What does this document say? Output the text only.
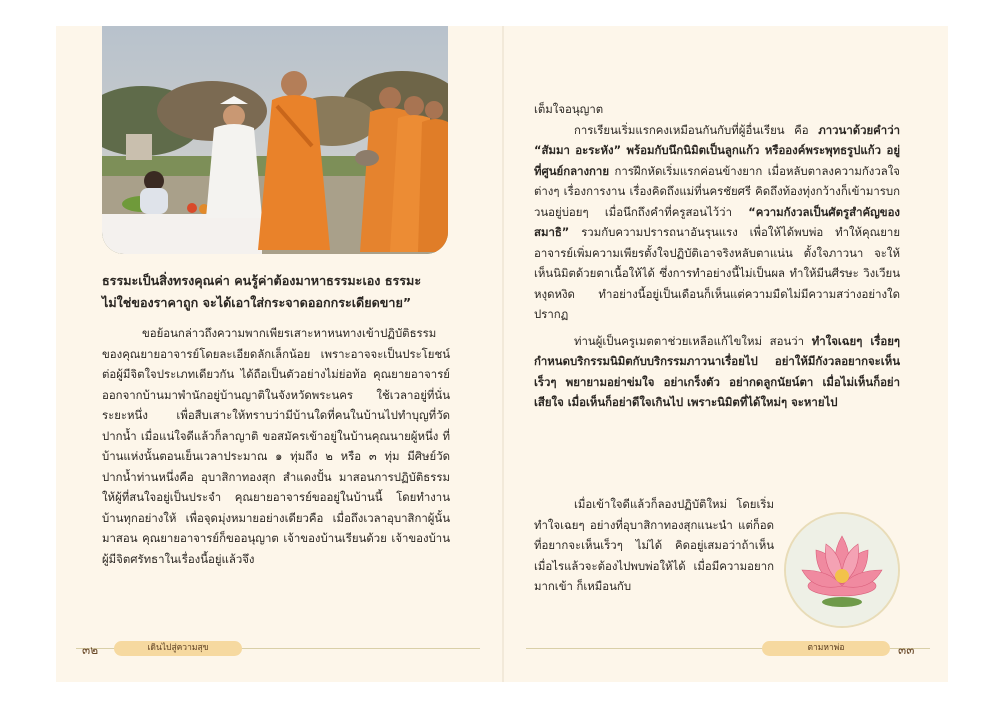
ธรรมะเป็นสิ่งทรงคุณค่า คนรู้ค่าต้องมาหาธรรมะเอง ธรรมะไม่ใช่ของราคาถูก จะได้เอาใส่กระจาดออกกระเดียดขาย”

ขอย้อนกล่าวถึงความพากเพียรเสาะหาหนทางเข้าปฏิบัติธรรมของคุณยายอาจารย์โดยละเอียดลักเล็กน้อย เพราะอาจจะเป็นประโยชน์ต่อผู้มีจิตใจประเภทเดียวกัน ได้ถือเป็นตัวอย่างไม่ย่อท้อ คุณยายอาจารย์ออกจากบ้านมาพำนักอยู่บ้านญาติในจังหวัดพระนคร ใช้เวลาอยู่ที่นั่นระยะหนึ่ง เพื่อสืบเสาะให้ทราบว่ามีบ้านใดที่คนในบ้านไปทำบุญที่วัดปากน้ำ เมื่อแน่ใจดีแล้วก็ลาญาติ ขอสมัครเข้าอยู่ในบ้านคุณนายผู้หนึ่ง ที่บ้านแห่งนั้นตอนเย็นเวลาประมาณ ๑ ทุ่มถึง ๒ หรือ ๓ ทุ่ม มีศิษย์วัดปากน้ำท่านหนึ่งคือ อุบาสิกาทองสุก สำแดงปั้น มาสอนการปฏิบัติธรรมให้ผู้ที่สนใจอยู่เป็นประจำ คุณยายอาจารย์ขออยู่ในบ้านนี้ โดยทำงานบ้านทุกอย่างให้ เพื่อจุดมุ่งหมายอย่างเดียวคือ เมื่อถึงเวลาอุบาสิกาผู้นั้นมาสอน คุณยายอาจารย์ก็ขออนุญาต เจ้าของบ้านเรียนด้วย เจ้าของบ้านผู้มีจิตศรัทธาในเรื่องนี้อยู่แล้วจึง

เต็มใจอนุญาต

การเรียนเริ่มแรกคงเหมือนกันกับที่ผู้อื่นเรียน คือ ภาวนาด้วยคำว่า “สัมมา อะระหัง” พร้อมกับนึกนิมิตเป็นลูกแก้ว หรือองค์พระพุทธรูปแก้ว อยู่ที่ศูนย์กลางกาย การฝึกหัดเริ่มแรกค่อนข้างยาก เมื่อหลับตาลงความกังวลใจต่างๆ เรื่องการงาน เรื่องคิดถึงแม่ที่นครชัยศรี คิดถึงท้องทุ่งกว้างก็เข้ามารบกวนอยู่บ่อยๆ เมื่อนึกถึงคำที่ครูสอนไว้ว่า “ความกังวลเป็นศัตรูสำคัญของสมาธิ” รวมกับความปรารถนาอันรุนแรง เพื่อให้ได้พบพ่อ ทำให้คุณยายอาจารย์เพิ่มความเพียรตั้งใจปฏิบัติเอาจริงหลับตาแน่น ตั้งใจภาวนา จะให้เห็นนิมิตด้วยตาเนื้อให้ได้ ซึ่งการทำอย่างนี้ไม่เป็นผล ทำให้มีนศีรษะ วิงเวียน หงุดหงิด ทำอย่างนี้อยู่เป็นเดือนก็เห็นแต่ความมืดไม่มีความสว่างอย่างใดปรากฏ

ท่านผู้เป็นครูเมตตาช่วยเหลือแก้ไขใหม่ สอนว่า ทำใจเฉยๆ เรื่อยๆ กำหนดบริกรรมนิมิตกับบริกรรมภาวนาเรื่อยไป อย่าให้มีกังวลอยากจะเห็นเร็วๆ พยายามอย่าข่มใจ อย่าเกร็งตัว อย่ากดลูกนัยน์ตา เมื่อไม่เห็นก็อย่าเสียใจ เมื่อเห็นก็อย่าดีใจเกินไป เพราะนิมิตที่ได้ใหม่ๆ จะหายไป

เมื่อเข้าใจดีแล้วก็ลองปฏิบัติใหม่ โดยเริ่มทำใจเฉยๆ อย่างที่อุบาสิกาทองสุกแนะนำ แต่ก็อดที่อยากจะเห็นเร็วๆ ไม่ได้ คิดอยู่เสมอว่าถ้าเห็นเมื่อไรแล้วจะต้องไปพบพ่อให้ได้ เมื่อมีความอยากมากเข้า ก็เหมือนกับ

๓๒	เดินไปสู่ความสุข	ตามหาพ่อ	๓๓
